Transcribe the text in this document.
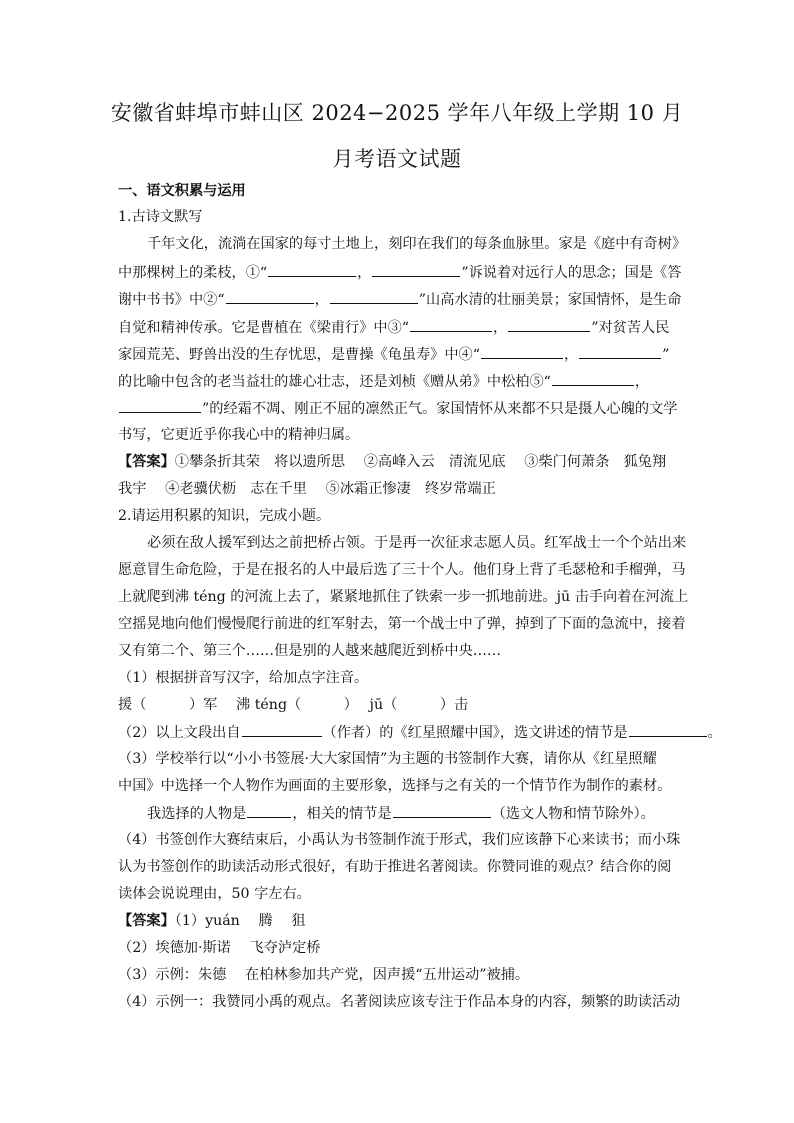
安徽省蚌埠市蚌山区 2024−2025 学年八年级上学期 10 月
月考语文试题
一、语文积累与运用
1.古诗文默写
千年文化，流淌在国家的每寸土地上，刻印在我们的每条血脉里。家是《庭中有奇树》
中那棵树上的柔枝，①“	，	”诉说着对远行人的思念；国是《答
谢中书书》中②“	，	”山高水清的壮丽美景；家国情怀，是生命
自觉和精神传承。它是曹植在《梁甫行》中③“	，	”对贫苦人民
家园荒芜、野兽出没的生存忧思，是曹操《龟虽寿》中④“	，	”
的比喻中包含的老当益壮的雄心壮志，还是刘桢《赠从弟》中松柏⑤“	，
”的经霜不凋、刚正不屈的凛然正气。家国情怀从来都不只是摄人心魄的文学
书写，它更近乎你我心中的精神归属。
【答案】①攀条折其荣　将以遗所思　 ②高峰入云　清流见底　 ③柴门何萧条　狐兔翔
我宇　 ④老骥伏枥　志在千里　 ⑤冰霜正惨凄　终岁常端正
2.请运用积累的知识，完成小题。
必须在敌人援军到达之前把桥占领。于是再一次征求志愿人员。红军战士一个个站出来
愿意冒生命危险，于是在报名的人中最后选了三十个人。他们身上背了毛瑟枪和手榴弹，马
上就爬到沸 téng 的河流上去了，紧紧地抓住了铁索一步一抓地前进。jū 击手向着在河流上
空摇晃地向他们慢慢爬行前进的红军射去，第一个战士中了弹，掉到了下面的急流中，接着
又有第二个、第三个……但是别的人越来越爬近到桥中央……
（1）根据拼音写汉字，给加点字注音。
援（　　　）军　 沸 téng（　　　）　 jū（　　　）击
（2）以上文段出自	（作者）的《红星照耀中国》，选文讲述的情节是	。
（3）学校举行以“小小书签展·大大家国情”为主题的书签制作大赛，请你从《红星照耀
中国》中选择一个人物作为画面的主要形象，选择与之有关的一个情节作为制作的素材。
我选择的人物是	，相关的情节是	（选文人物和情节除外）。
（4）书签创作大赛结束后，小禹认为书签制作流于形式，我们应该静下心来读书；而小珠
认为书签创作的助读活动形式很好，有助于推进名著阅读。你赞同谁的观点？结合你的阅
读体会说说理由，50 字左右。
【答案】（1）yuán　 腾　 狙
（2）埃德加·斯诺　 飞夺泸定桥
（3）示例：朱德　 在柏林参加共产党，因声援“五卅运动”被捕。
（4）示例一：我赞同小禹的观点。名著阅读应该专注于作品本身的内容，频繁的助读活动
